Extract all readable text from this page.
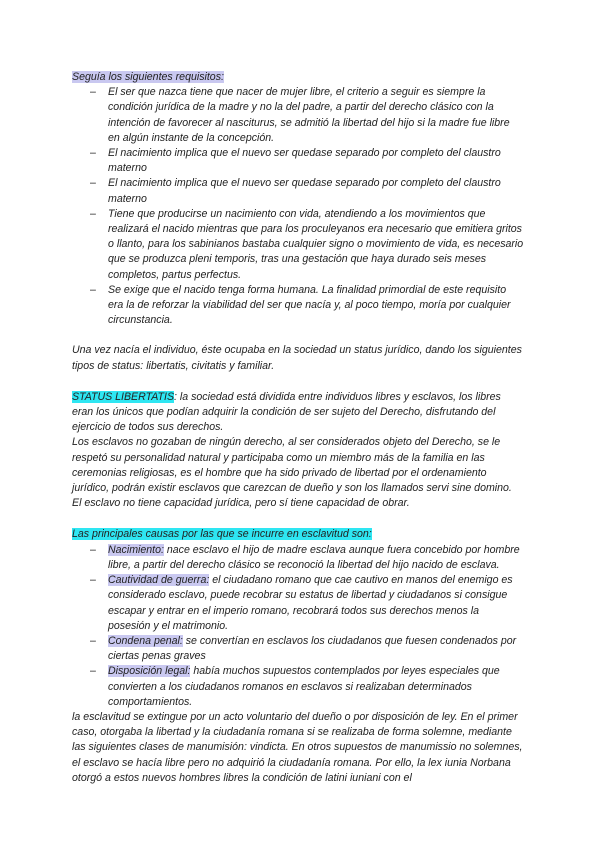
Seguía los siguientes requisitos:

– El ser que nazca tiene que nacer de mujer libre, el criterio a seguir es siempre la condición jurídica de la madre y no la del padre, a partir del derecho clásico con la intención de favorecer al nasciturus, se admitió la libertad del hijo si la madre fue libre en algún instante de la concepción.
– El nacimiento implica que el nuevo ser quedase separado por completo del claustro materno
– El nacimiento implica que el nuevo ser quedase separado por completo del claustro materno
– Tiene que producirse un nacimiento con vida, atendiendo a los movimientos que realizará el nacido mientras que para los proculeyanos era necesario que emitiera gritos o llanto, para los sabinianos bastaba cualquier signo o movimiento de vida, es necesario que se produzca pleni temporis, tras una gestación que haya durado seis meses completos, partus perfectus.
– Se exige que el nacido tenga forma humana. La finalidad primordial de este requisito era la de reforzar la viabilidad del ser que nacía y, al poco tiempo, moría por cualquier circunstancia.

Una vez nacía el individuo, éste ocupaba en la sociedad un status jurídico, dando los siguientes tipos de status: libertatis, civitatis y familiar.

STATUS LIBERTATIS: la sociedad está dividida entre individuos libres y esclavos, los libres eran los únicos que podían adquirir la condición de ser sujeto del Derecho, disfrutando del ejercicio de todos sus derechos.

Los esclavos no gozaban de ningún derecho, al ser considerados objeto del Derecho, se le respetó su personalidad natural y participaba como un miembro más de la familia en las ceremonias religiosas, es el hombre que ha sido privado de libertad por el ordenamiento jurídico, podrán existir esclavos que carezcan de dueño y son los llamados servi sine domino. El esclavo no tiene capacidad jurídica, pero sí tiene capacidad de obrar.

Las principales causas por las que se incurre en esclavitud son:

– Nacimiento: nace esclavo el hijo de madre esclava aunque fuera concebido por hombre libre, a partir del derecho clásico se reconoció la libertad del hijo nacido de esclava.
– Cautividad de guerra: el ciudadano romano que cae cautivo en manos del enemigo es considerado esclavo, puede recobrar su estatus de libertad y ciudadanos si consigue escapar y entrar en el imperio romano, recobrará todos sus derechos menos la posesión y el matrimonio.
– Condena penal: se convertían en esclavos los ciudadanos que fuesen condenados por ciertas penas graves
– Disposición legal: había muchos supuestos contemplados por leyes especiales que convierten a los ciudadanos romanos en esclavos si realizaban determinados comportamientos.

la esclavitud se extingue por un acto voluntario del dueño o por disposición de ley. En el primer caso, otorgaba la libertad y la ciudadanía romana si se realizaba de forma solemne, mediante las siguientes clases de manumisión: vindicta. En otros supuestos de manumissio no solemnes, el esclavo se hacía libre pero no adquirió la ciudadanía romana. Por ello, la lex iunia Norbana otorgó a estos nuevos hombres libres la condición de latini iuniani con el
